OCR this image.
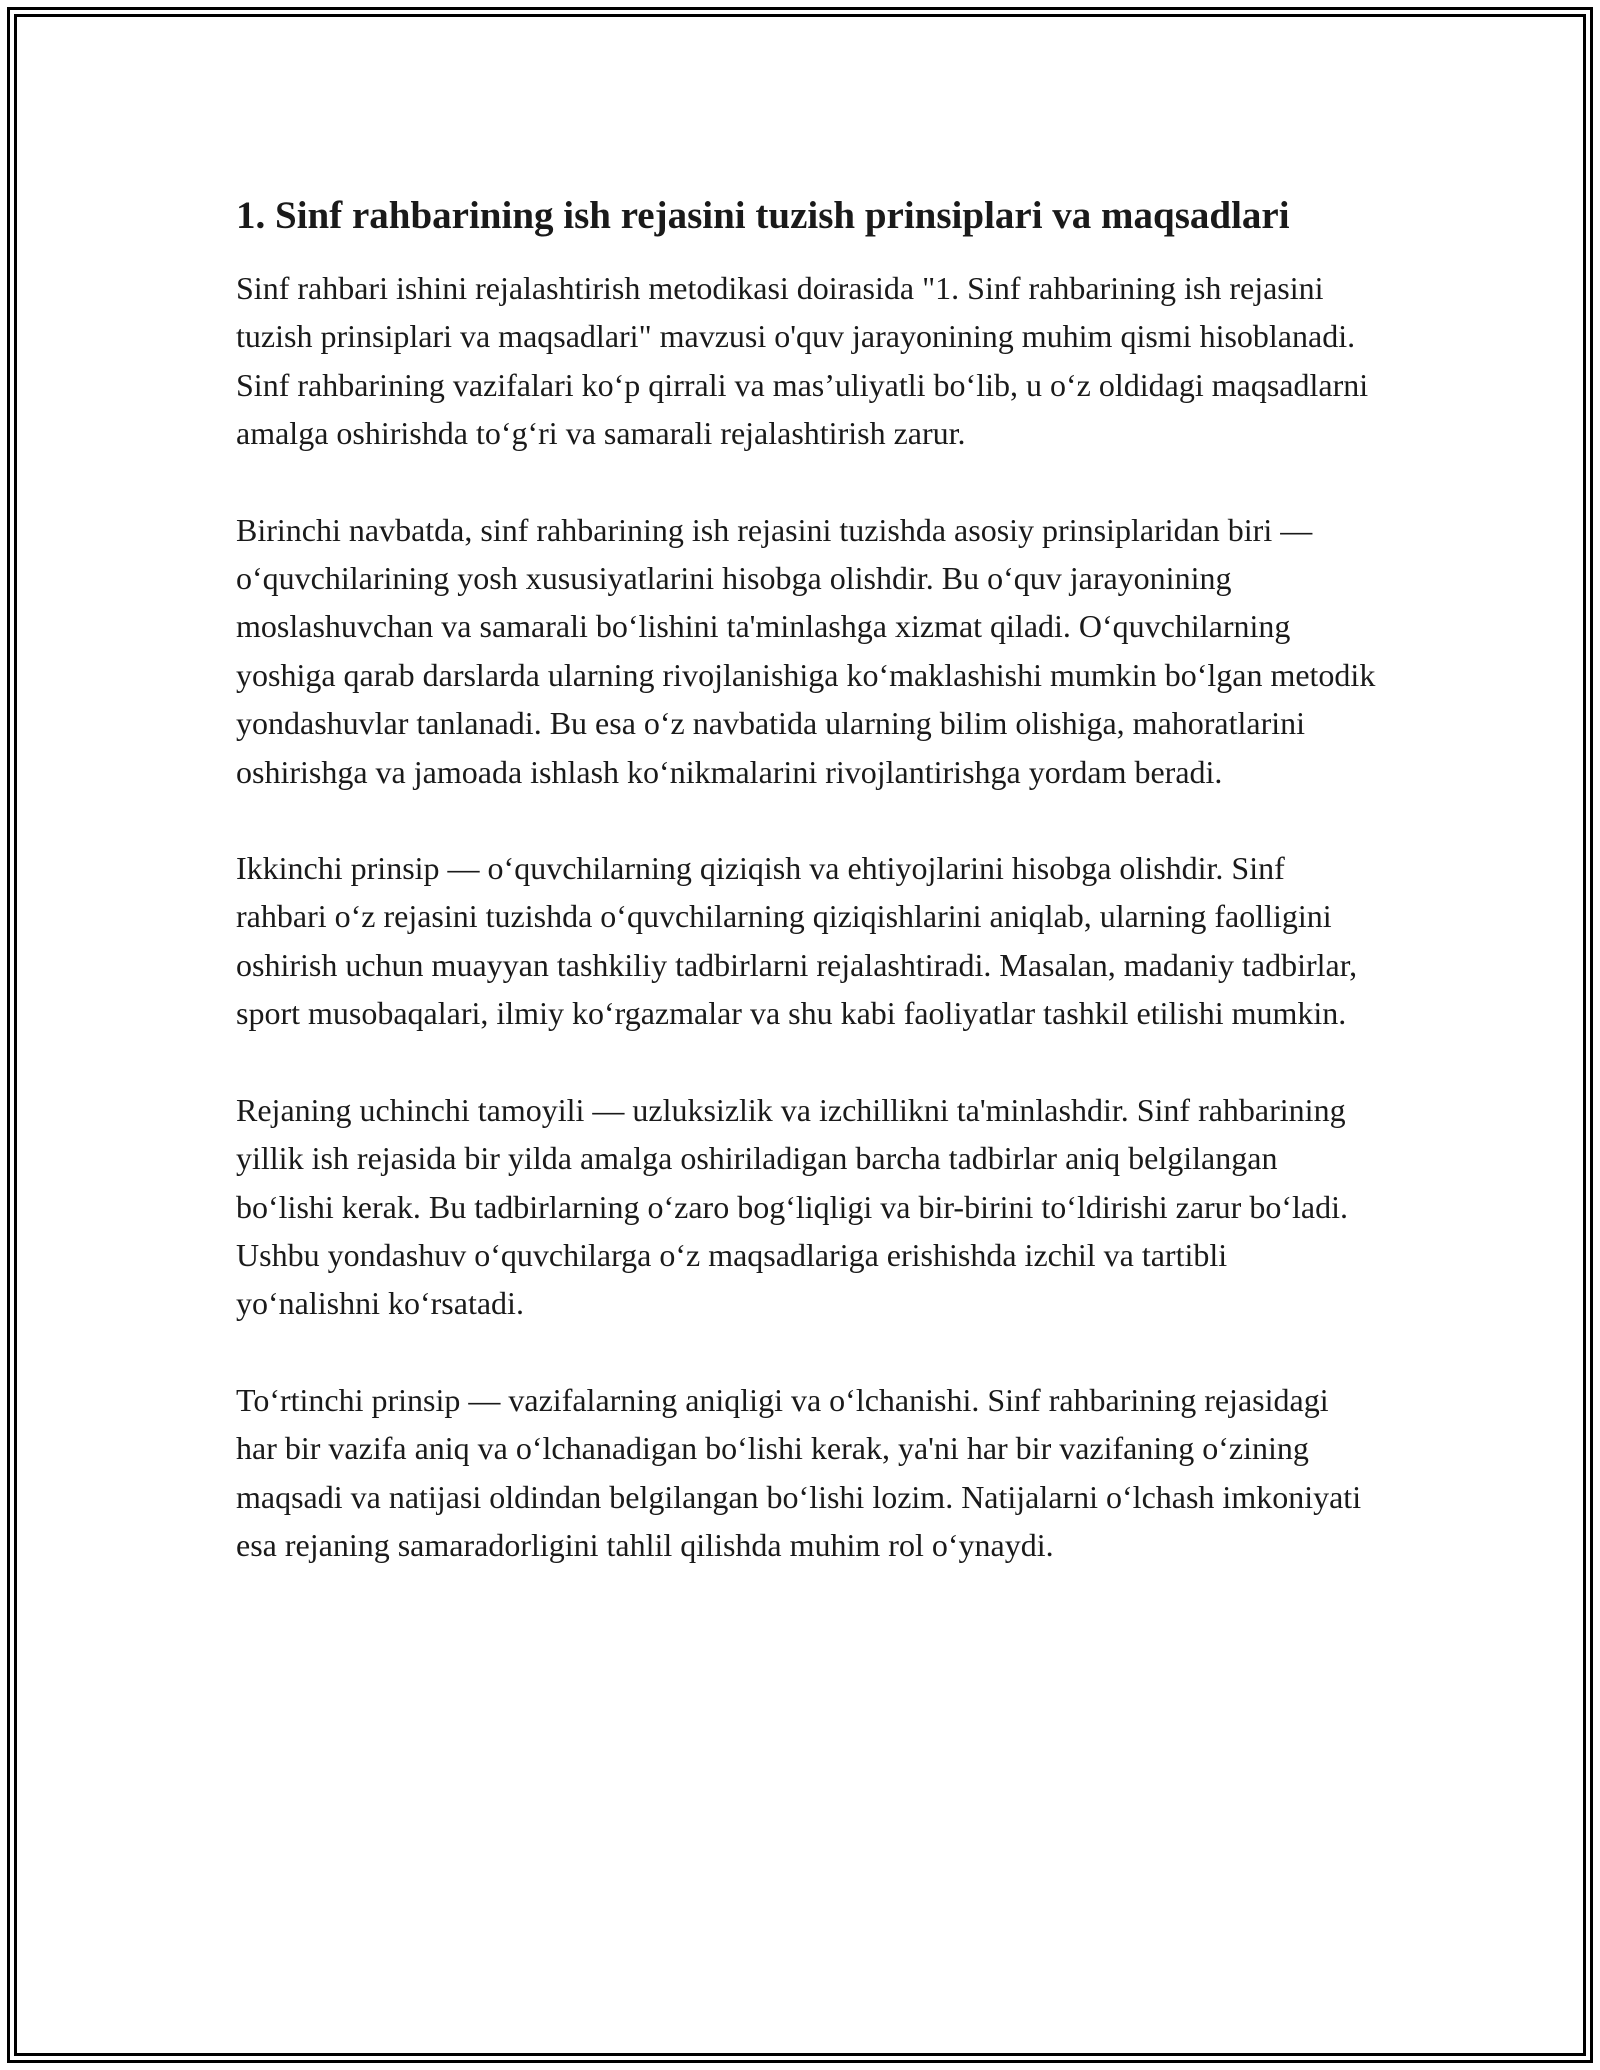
1. Sinf rahbarining ish rejasini tuzish prinsiplari va maqsadlari

Sinf rahbari ishini rejalashtirish metodikasi doirasida "1. Sinf rahbarining ish rejasini tuzish prinsiplari va maqsadlari" mavzusi o'quv jarayonining muhim qismi hisoblanadi. Sinf rahbarining vazifalari ko‘p qirrali va mas’uliyatli bo‘lib, u o‘z oldidagi maqsadlarni amalga oshirishda to‘g‘ri va samarali rejalashtirish zarur.

Birinchi navbatda, sinf rahbarining ish rejasini tuzishda asosiy prinsiplaridan biri — o‘quvchilarining yosh xususiyatlarini hisobga olishdir. Bu o‘quv jarayonining moslashuvchan va samarali bo‘lishini ta'minlashga xizmat qiladi. O‘quvchilarning yoshiga qarab darslarda ularning rivojlanishiga ko‘maklashishi mumkin bo‘lgan metodik yondashuvlar tanlanadi. Bu esa o‘z navbatida ularning bilim olishiga, mahoratlarini oshirishga va jamoada ishlash ko‘nikmalarini rivojlantirishga yordam beradi.

Ikkinchi prinsip — o‘quvchilarning qiziqish va ehtiyojlarini hisobga olishdir. Sinf rahbari o‘z rejasini tuzishda o‘quvchilarning qiziqishlarini aniqlab, ularning faolligini oshirish uchun muayyan tashkiliy tadbirlarni rejalashtiradi. Masalan, madaniy tadbirlar, sport musobaqalari, ilmiy ko‘rgazmalar va shu kabi faoliyatlar tashkil etilishi mumkin.

Rejaning uchinchi tamoyili — uzluksizlik va izchillikni ta'minlashdir. Sinf rahbarining yillik ish rejasida bir yilda amalga oshiriladigan barcha tadbirlar aniq belgilangan bo‘lishi kerak. Bu tadbirlarning o‘zaro bog‘liqligi va bir-birini to‘ldirishi zarur bo‘ladi. Ushbu yondashuv o‘quvchilarga o‘z maqsadlariga erishishda izchil va tartibli yo‘nalishni ko‘rsatadi.

To‘rtinchi prinsip — vazifalarning aniqligi va o‘lchanishi. Sinf rahbarining rejasidagi har bir vazifa aniq va o‘lchanadigan bo‘lishi kerak, ya'ni har bir vazifaning o‘zining maqsadi va natijasi oldindan belgilangan bo‘lishi lozim. Natijalarni o‘lchash imkoniyati esa rejaning samaradorligini tahlil qilishda muhim rol o‘ynaydi.
